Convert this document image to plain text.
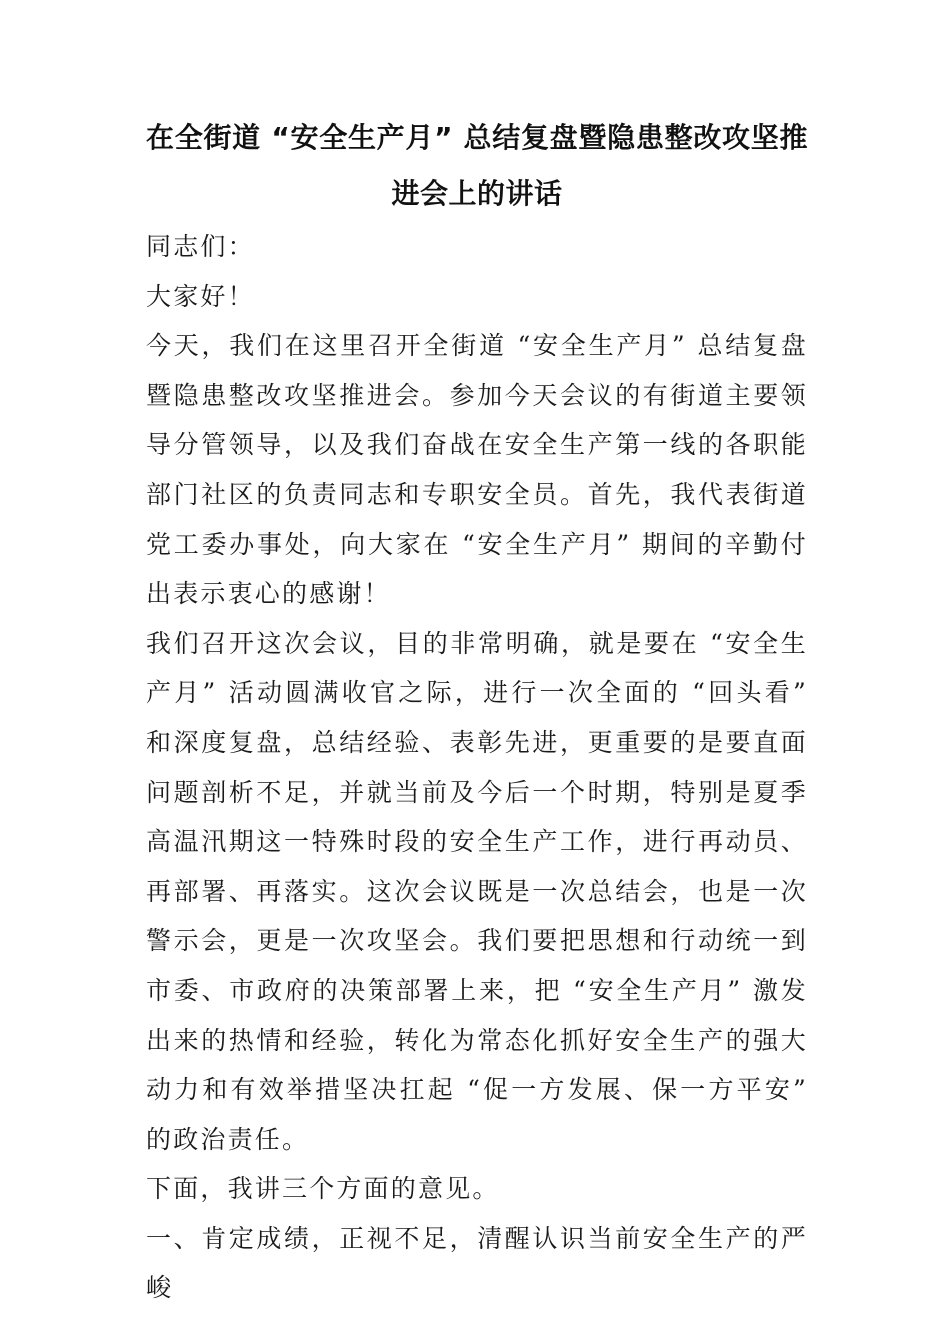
在全街道 “安全生产月” 总结复盘暨隐患整改攻坚推进会上的讲话

同志们：

大家好！

今天，我们在这里召开全街道 “安全生产月” 总结复盘暨隐患整改攻坚推进会。参加今天会议的有街道主要领导分管领导，以及我们奋战在安全生产第一线的各职能部门社区的负责同志和专职安全员。首先，我代表街道党工委办事处，向大家在 “安全生产月” 期间的辛勤付出表示衷心的感谢！

我们召开这次会议，目的非常明确，就是要在 “安全生产月” 活动圆满收官之际，进行一次全面的 “回头看” 和深度复盘，总结经验、表彰先进，更重要的是要直面问题剖析不足，并就当前及今后一个时期，特别是夏季高温汛期这一特殊时段的安全生产工作，进行再动员、再部署、再落实。这次会议既是一次总结会，也是一次警示会，更是一次攻坚会。我们要把思想和行动统一到市委、市政府的决策部署上来，把 “安全生产月” 激发出来的热情和经验，转化为常态化抓好安全生产的强大动力和有效举措坚决扛起 “促一方发展、保一方平安” 的政治责任。

下面，我讲三个方面的意见。

一、肯定成绩，正视不足，清醒认识当前安全生产的严峻
